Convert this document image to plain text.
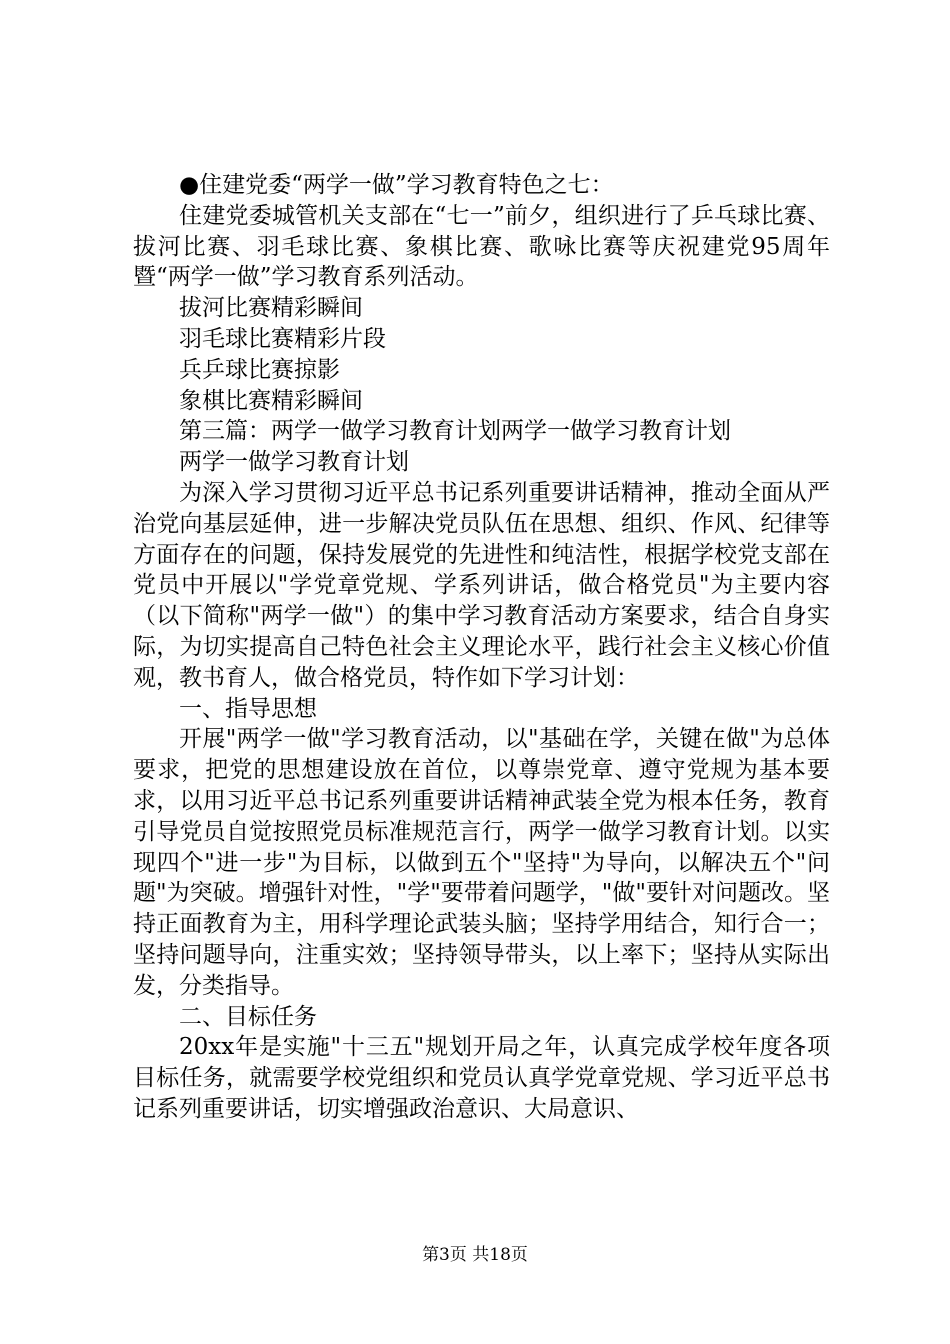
●住建党委“两学一做”学习教育特色之七：

住建党委城管机关支部在“七一”前夕，组织进行了乒乓球比赛、拔河比赛、羽毛球比赛、象棋比赛、歌咏比赛等庆祝建党95周年暨“两学一做”学习教育系列活动。

拔河比赛精彩瞬间

羽毛球比赛精彩片段

兵乒球比赛掠影

象棋比赛精彩瞬间

第三篇：两学一做学习教育计划两学一做学习教育计划

两学一做学习教育计划

为深入学习贯彻习近平总书记系列重要讲话精神，推动全面从严治党向基层延伸，进一步解决党员队伍在思想、组织、作风、纪律等方面存在的问题，保持发展党的先进性和纯洁性，根据学校党支部在党员中开展以"学党章党规、学系列讲话，做合格党员"为主要内容（以下简称"两学一做"）的集中学习教育活动方案要求，结合自身实际，为切实提高自己特色社会主义理论水平，践行社会主义核心价值观，教书育人，做合格党员，特作如下学习计划：

一、指导思想

开展"两学一做"学习教育活动，以"基础在学，关键在做"为总体要求，把党的思想建设放在首位，以尊崇党章、遵守党规为基本要求，以用习近平总书记系列重要讲话精神武装全党为根本任务，教育引导党员自觉按照党员标准规范言行，两学一做学习教育计划。以实现四个"进一步"为目标，以做到五个"坚持"为导向，以解决五个"问题"为突破。增强针对性，"学"要带着问题学，"做"要针对问题改。坚持正面教育为主，用科学理论武装头脑；坚持学用结合，知行合一；坚持问题导向，注重实效；坚持领导带头，以上率下；坚持从实际出发，分类指导。

二、目标任务

20xx年是实施"十三五"规划开局之年，认真完成学校年度各项目标任务，就需要学校党组织和党员认真学党章党规、学习近平总书记系列重要讲话，切实增强政治意识、大局意识、

第3页 共18页
